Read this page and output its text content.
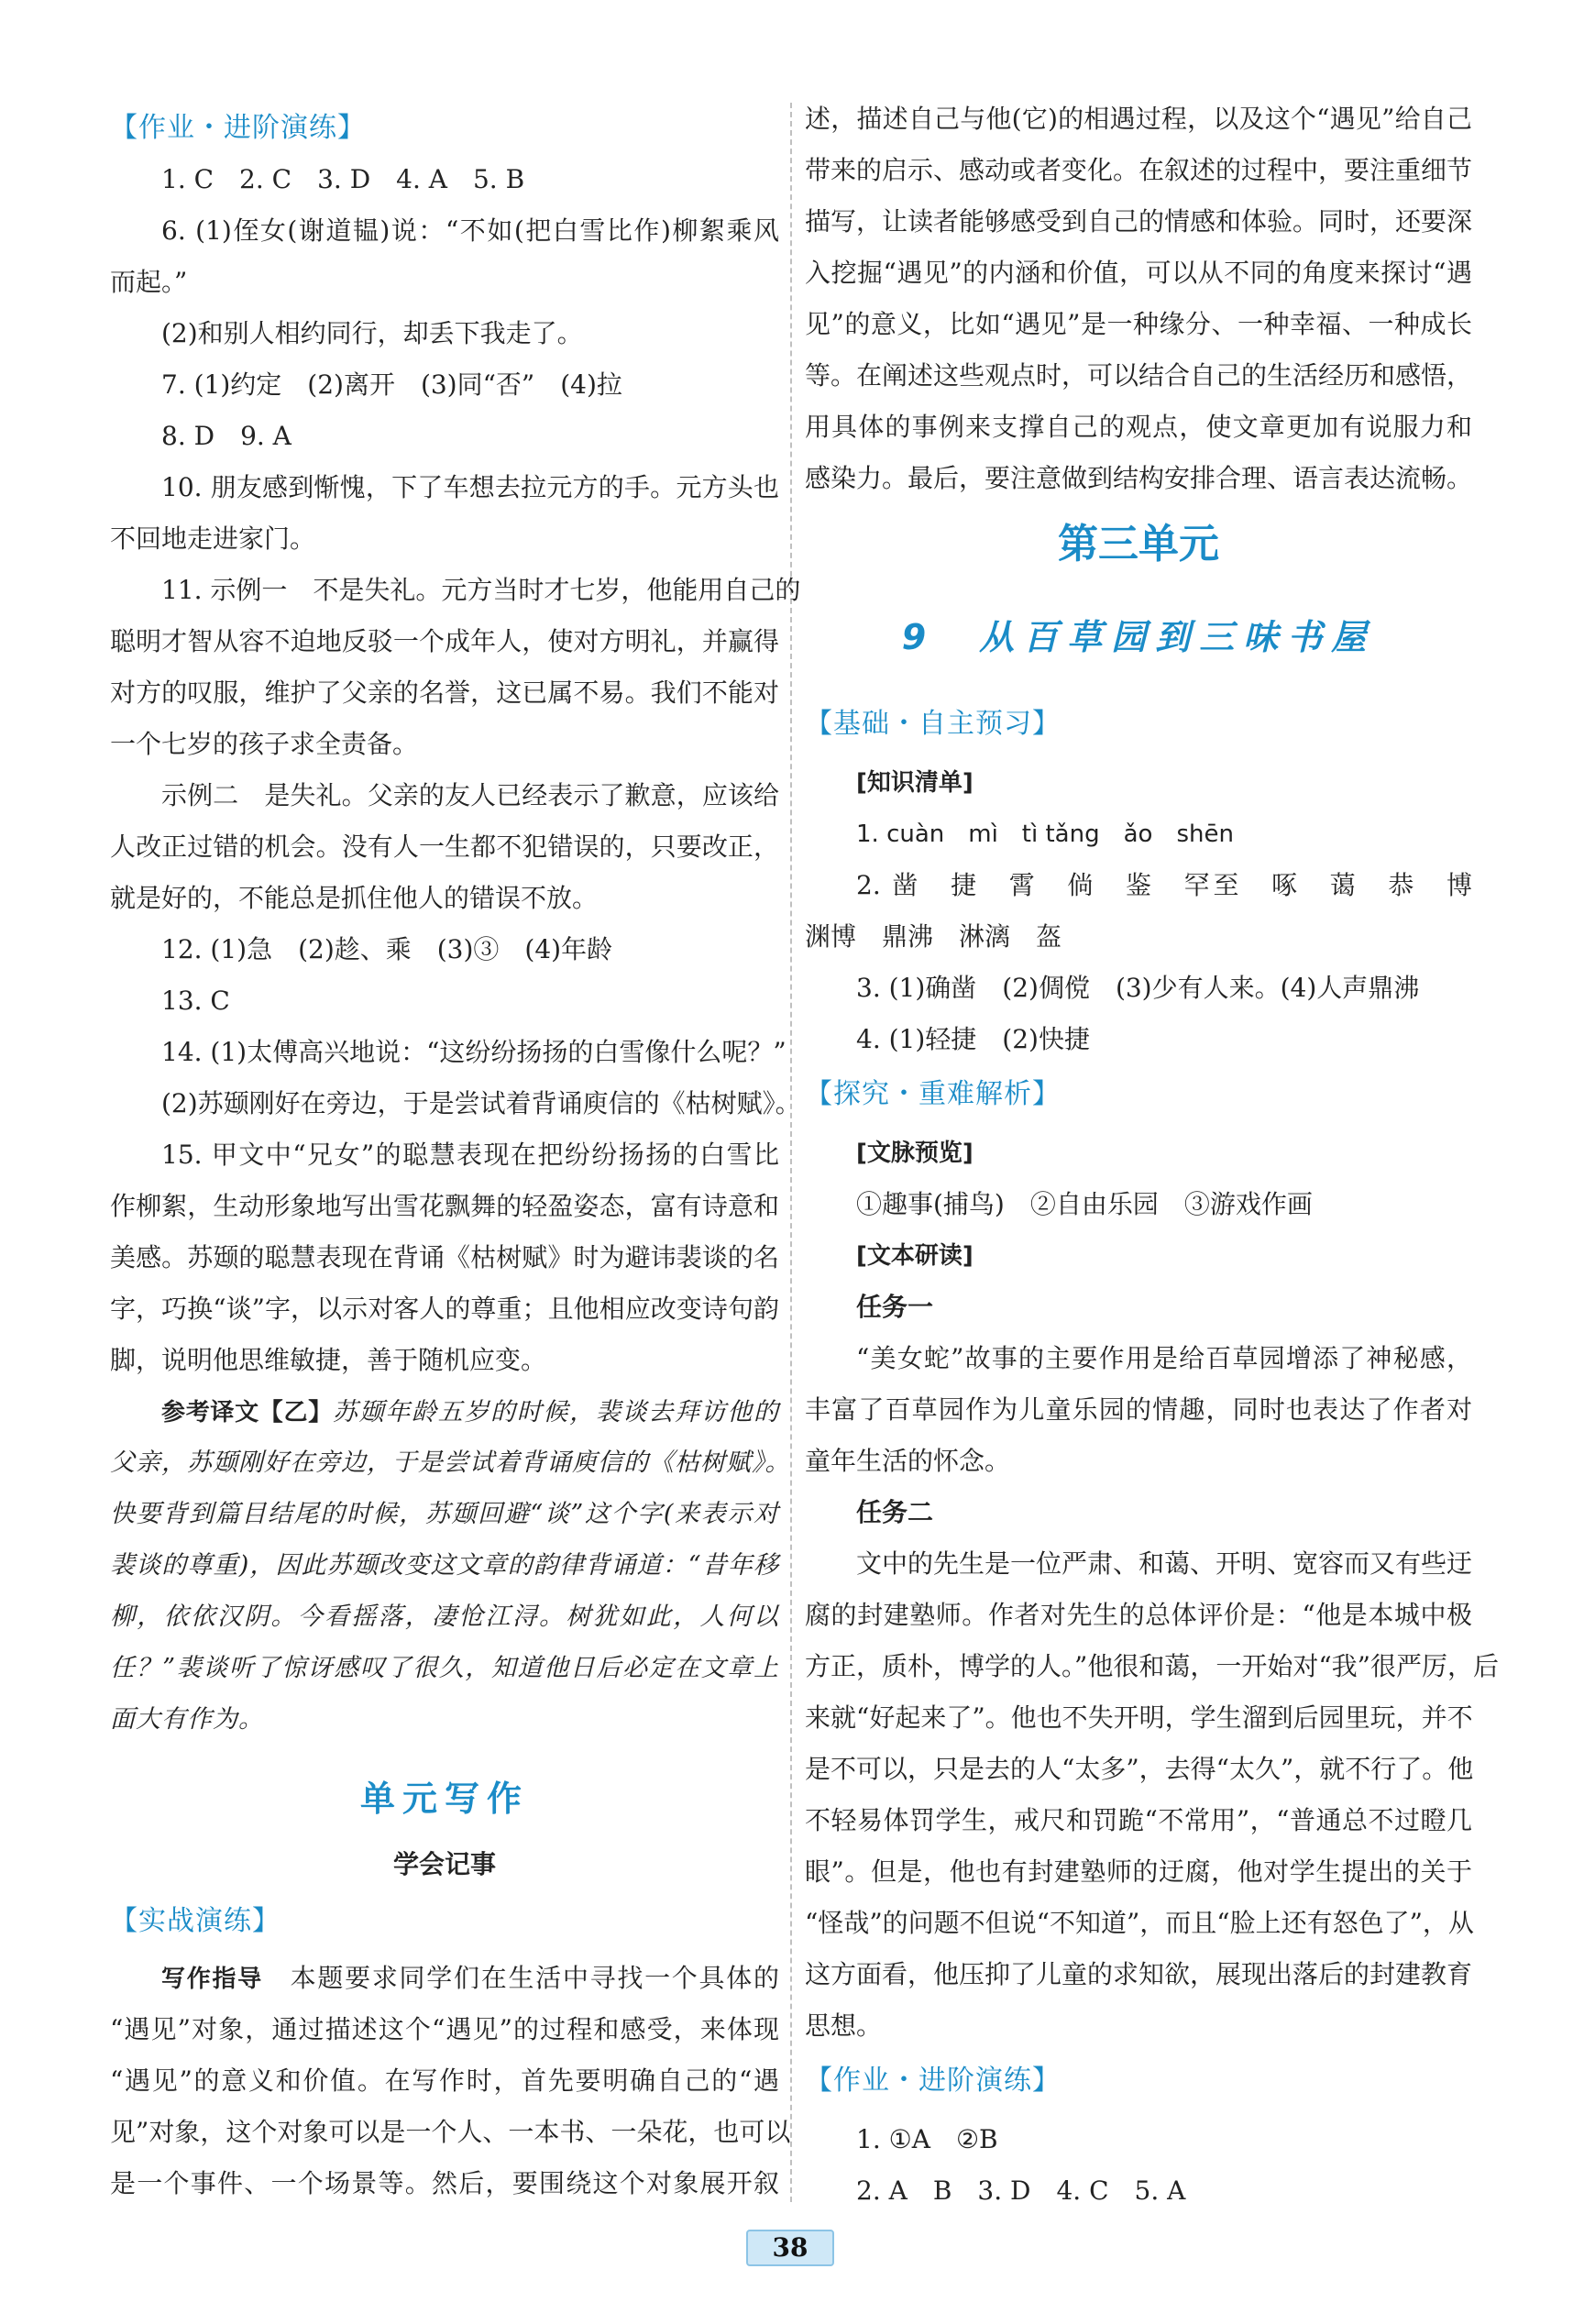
【作业・进阶演练】
1. C　2. C　3. D　4. A　5. B
6. (1)侄女(谢道韫)说：“不如(把白雪比作)柳絮乘风
而起。”
(2)和别人相约同行，却丢下我走了。
7. (1)约定　(2)离开　(3)同“否”　(4)拉
8. D　9. A
10. 朋友感到惭愧，下了车想去拉元方的手。元方头也
不回地走进家门。
11. 示例一　不是失礼。元方当时才七岁，他能用自己的
聪明才智从容不迫地反驳一个成年人，使对方明礼，并赢得
对方的叹服，维护了父亲的名誉，这已属不易。我们不能对
一个七岁的孩子求全责备。
示例二　是失礼。父亲的友人已经表示了歉意，应该给
人改正过错的机会。没有人一生都不犯错误的，只要改正，
就是好的，不能总是抓住他人的错误不放。
12. (1)急　(2)趁、乘　(3)③　(4)年龄
13. C
14. (1)太傅高兴地说：“这纷纷扬扬的白雪像什么呢？”
(2)苏颋刚好在旁边，于是尝试着背诵庾信的《枯树赋》。
15. 甲文中“兄女”的聪慧表现在把纷纷扬扬的白雪比
作柳絮，生动形象地写出雪花飘舞的轻盈姿态，富有诗意和
美感。苏颋的聪慧表现在背诵《枯树赋》时为避讳裴谈的名
字，巧换“谈”字，以示对客人的尊重；且他相应改变诗句韵
脚，说明他思维敏捷，善于随机应变。
参考译文【乙】苏颋年龄五岁的时候，裴谈去拜访他的
父亲，苏颋刚好在旁边，于是尝试着背诵庾信的《枯树赋》。
快要背到篇目结尾的时候，苏颋回避“谈”这个字(来表示对
裴谈的尊重)，因此苏颋改变这文章的韵律背诵道：“昔年移
柳，依依汉阴。今看摇落，凄怆江浔。树犹如此，人何以
任？”裴谈听了惊讶感叹了很久，知道他日后必定在文章上
面大有作为。
单元写作
学会记事
【实战演练】
写作指导　 本题要求同学们在生活中寻找一个具体的
“遇见”对象，通过描述这个“遇见”的过程和感受，来体现
“遇见”的意义和价值。在写作时，首先要明确自己的“遇
见”对象，这个对象可以是一个人、一本书、一朵花，也可以
是一个事件、一个场景等。然后，要围绕这个对象展开叙
述，描述自己与他(它)的相遇过程，以及这个“遇见”给自己
带来的启示、感动或者变化。在叙述的过程中，要注重细节
描写，让读者能够感受到自己的情感和体验。同时，还要深
入挖掘“遇见”的内涵和价值，可以从不同的角度来探讨“遇
见”的意义，比如“遇见”是一种缘分、一种幸福、一种成长
等。在阐述这些观点时，可以结合自己的生活经历和感悟，
用具体的事例来支撑自己的观点，使文章更加有说服力和
感染力。最后，要注意做到结构安排合理、语言表达流畅。
第三单元
9　从百草园到三味书屋
【基础・自主预习】
[知识清单]
1. cuàn　mì　tì tǎng　ǎo　shēn
2. 凿　捷　霄　倘　鉴　罕至　啄　蔼　恭　博
渊博　鼎沸　淋漓　盔
3. (1)确凿　(2)倜傥　(3)少有人来。(4)人声鼎沸
4. (1)轻捷　(2)快捷
【探究・重难解析】
[文脉预览]
①趣事(捕鸟)　②自由乐园　③游戏作画
[文本研读]
任务一
“美女蛇”故事的主要作用是给百草园增添了神秘感，
丰富了百草园作为儿童乐园的情趣，同时也表达了作者对
童年生活的怀念。
任务二
文中的先生是一位严肃、和蔼、开明、宽容而又有些迂
腐的封建塾师。作者对先生的总体评价是：“他是本城中极
方正，质朴，博学的人。”他很和蔼，一开始对“我”很严厉，后
来就“好起来了”。他也不失开明，学生溜到后园里玩，并不
是不可以，只是去的人“太多”，去得“太久”，就不行了。他
不轻易体罚学生，戒尺和罚跪“不常用”，“普通总不过瞪几
眼”。但是，他也有封建塾师的迂腐，他对学生提出的关于
“怪哉”的问题不但说“不知道”，而且“脸上还有怒色了”，从
这方面看，他压抑了儿童的求知欲，展现出落后的封建教育
思想。
【作业・进阶演练】
1. ①A　②B
2. A　B　3. D　4. C　5. A
38
